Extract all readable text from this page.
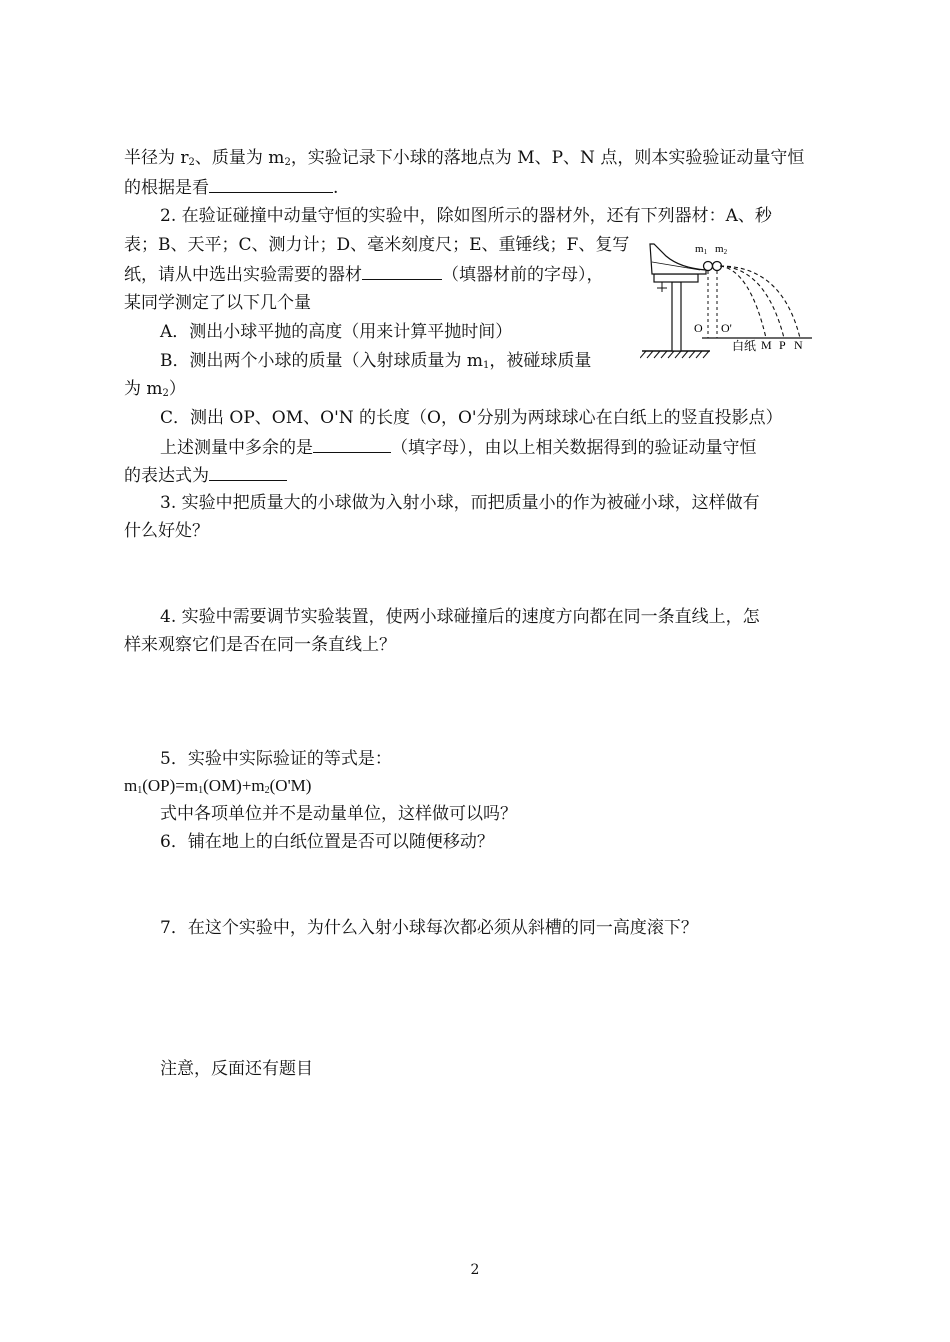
半径为 $r_2$、质量为 $m_2$，实验记录下小球的落地点为 M、P、N 点，则本实验验证动量守恒
的根据是看	.
2. 在验证碰撞中动量守恒的实验中，除如图所示的器材外，还有下列器材：A、秒
表；B、天平；C、测力计；D、毫米刻度尺；E、重锤线；F、复写
纸，请从中选出实验需要的器材	（填器材前的字母），
某同学测定了以下几个量
A．测出小球平抛的高度（用来计算平抛时间）
B．测出两个小球的质量（入射球质量为 $m_1$，被碰球质量
为 $m_2$）
C．测出 OP、OM、O'N 的长度（O，O'分别为两球球心在白纸上的竖直投影点）
上述测量中多余的是	（填字母），由以上相关数据得到的验证动量守恒
的表达式为
m1 m2
O O'
白纸 M P N
3. 实验中把质量大的小球做为入射小球，而把质量小的作为被碰小球，这样做有
什么好处？
4. 实验中需要调节实验装置，使两小球碰撞后的速度方向都在同一条直线上，怎
样来观察它们是否在同一条直线上？
5．实验中实际验证的等式是：
$m_1(OP)=m_1(OM)+m_2(O'M)$
式中各项单位并不是动量单位，这样做可以吗？
6．铺在地上的白纸位置是否可以随便移动？
7．在这个实验中，为什么入射小球每次都必须从斜槽的同一高度滚下？
注意，反面还有题目
2
